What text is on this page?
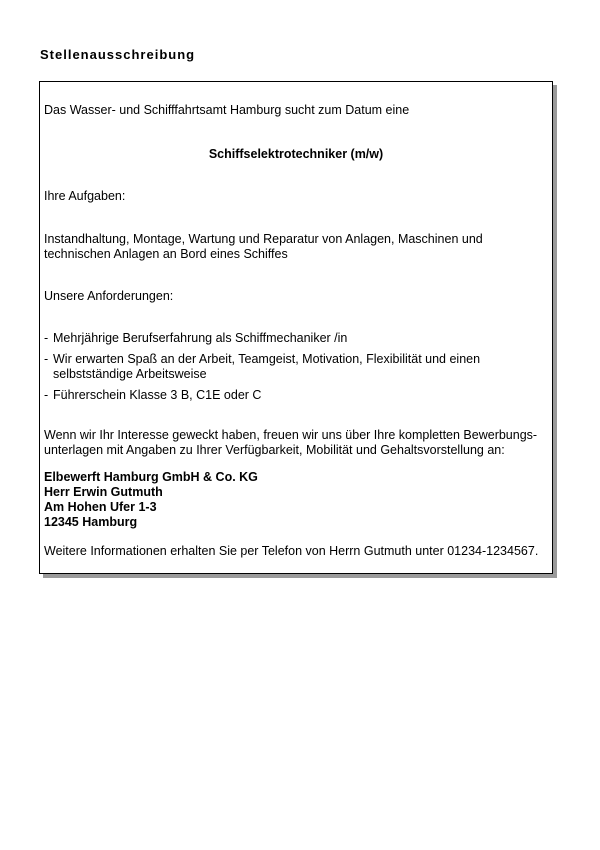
Stellenausschreibung

Das Wasser- und Schifffahrtsamt Hamburg sucht zum Datum eine

Schiffselektrotechniker (m/w)

Ihre Aufgaben:

Instandhaltung, Montage, Wartung und Reparatur von Anlagen, Maschinen und
technischen Anlagen an Bord eines Schiffes

Unsere Anforderungen:

- Mehrjährige Berufserfahrung als Schiffmechaniker /in
- Wir erwarten Spaß an der Arbeit, Teamgeist, Motivation, Flexibilität und einen
selbstständige Arbeitsweise
- Führerschein Klasse 3 B, C1E oder C
Wenn wir Ihr Interesse geweckt haben, freuen wir uns über Ihre kompletten Bewerbungs-
unterlagen mit Angaben zu Ihrer Verfügbarkeit, Mobilität und Gehaltsvorstellung an:
Elbewerft Hamburg GmbH & Co. KG
Herr Erwin Gutmuth
Am Hohen Ufer 1-3
12345 Hamburg

Weitere Informationen erhalten Sie per Telefon von Herrn Gutmuth unter 01234-1234567.
